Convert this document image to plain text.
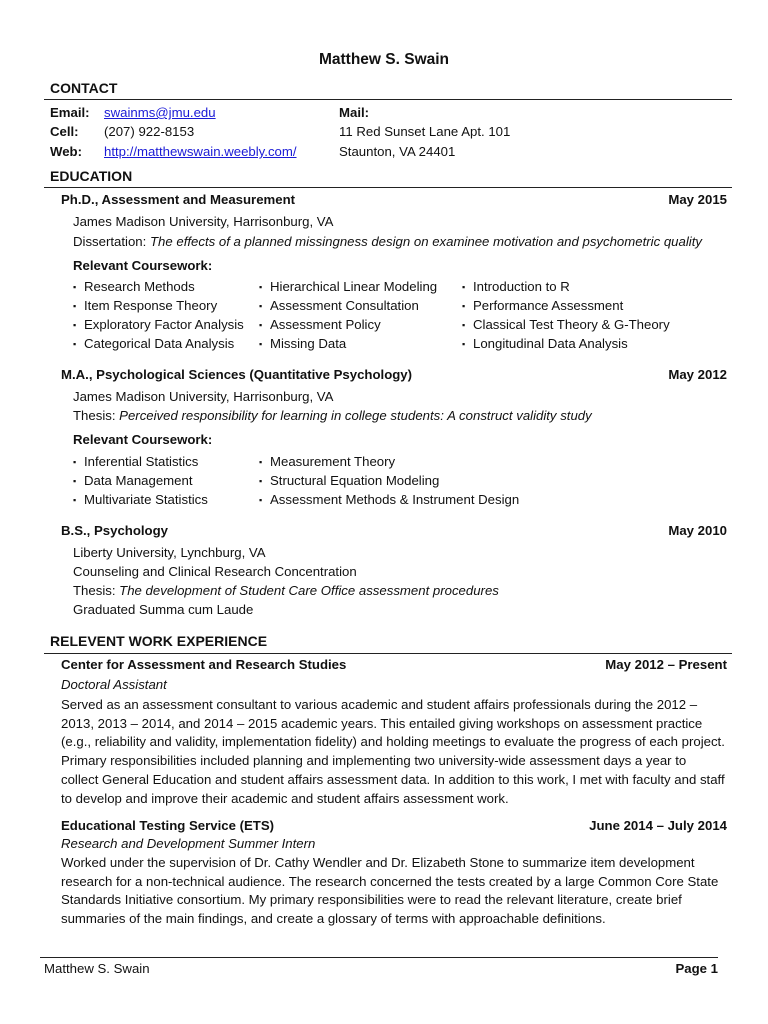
Matthew S. Swain
CONTACT
Email: swainms@jmu.edu
Cell: (207) 922-8153
Web: http://matthewswain.weebly.com/
Mail:
11 Red Sunset Lane Apt. 101
Staunton, VA 24401
EDUCATION
Ph.D., Assessment and Measurement	May 2015
James Madison University, Harrisonburg, VA
Dissertation: The effects of a planned missingness design on examinee motivation and psychometric quality
Relevant Coursework:
▪ Research Methods
▪ Item Response Theory
▪ Exploratory Factor Analysis
▪ Categorical Data Analysis
▪ Hierarchical Linear Modeling
▪ Assessment Consultation
▪ Assessment Policy
▪ Missing Data
▪ Introduction to R
▪ Performance Assessment
▪ Classical Test Theory & G-Theory
▪ Longitudinal Data Analysis
M.A., Psychological Sciences (Quantitative Psychology)	May 2012
James Madison University, Harrisonburg, VA
Thesis: Perceived responsibility for learning in college students: A construct validity study
Relevant Coursework:
▪ Inferential Statistics
▪ Data Management
▪ Multivariate Statistics
▪ Measurement Theory
▪ Structural Equation Modeling
▪ Assessment Methods & Instrument Design
B.S., Psychology	May 2010
Liberty University, Lynchburg, VA
Counseling and Clinical Research Concentration
Thesis: The development of Student Care Office assessment procedures
Graduated Summa cum Laude
RELEVENT WORK EXPERIENCE
Center for Assessment and Research Studies	May 2012 – Present
Doctoral Assistant
Served as an assessment consultant to various academic and student affairs professionals during the 2012 – 2013, 2013 – 2014, and 2014 – 2015 academic years. This entailed giving workshops on assessment practice (e.g., reliability and validity, implementation fidelity) and holding meetings to evaluate the progress of each project. Primary responsibilities included planning and implementing two university-wide assessment days a year to collect General Education and student affairs assessment data. In addition to this work, I met with faculty and staff to develop and improve their academic and student affairs assessment work.
Educational Testing Service (ETS)	June 2014 – July 2014
Research and Development Summer Intern
Worked under the supervision of Dr. Cathy Wendler and Dr. Elizabeth Stone to summarize item development research for a non-technical audience. The research concerned the tests created by a large Common Core State Standards Initiative consortium. My primary responsibilities were to read the relevant literature, create brief summaries of the main findings, and create a glossary of terms with approachable definitions.
Matthew S. Swain	Page 1
